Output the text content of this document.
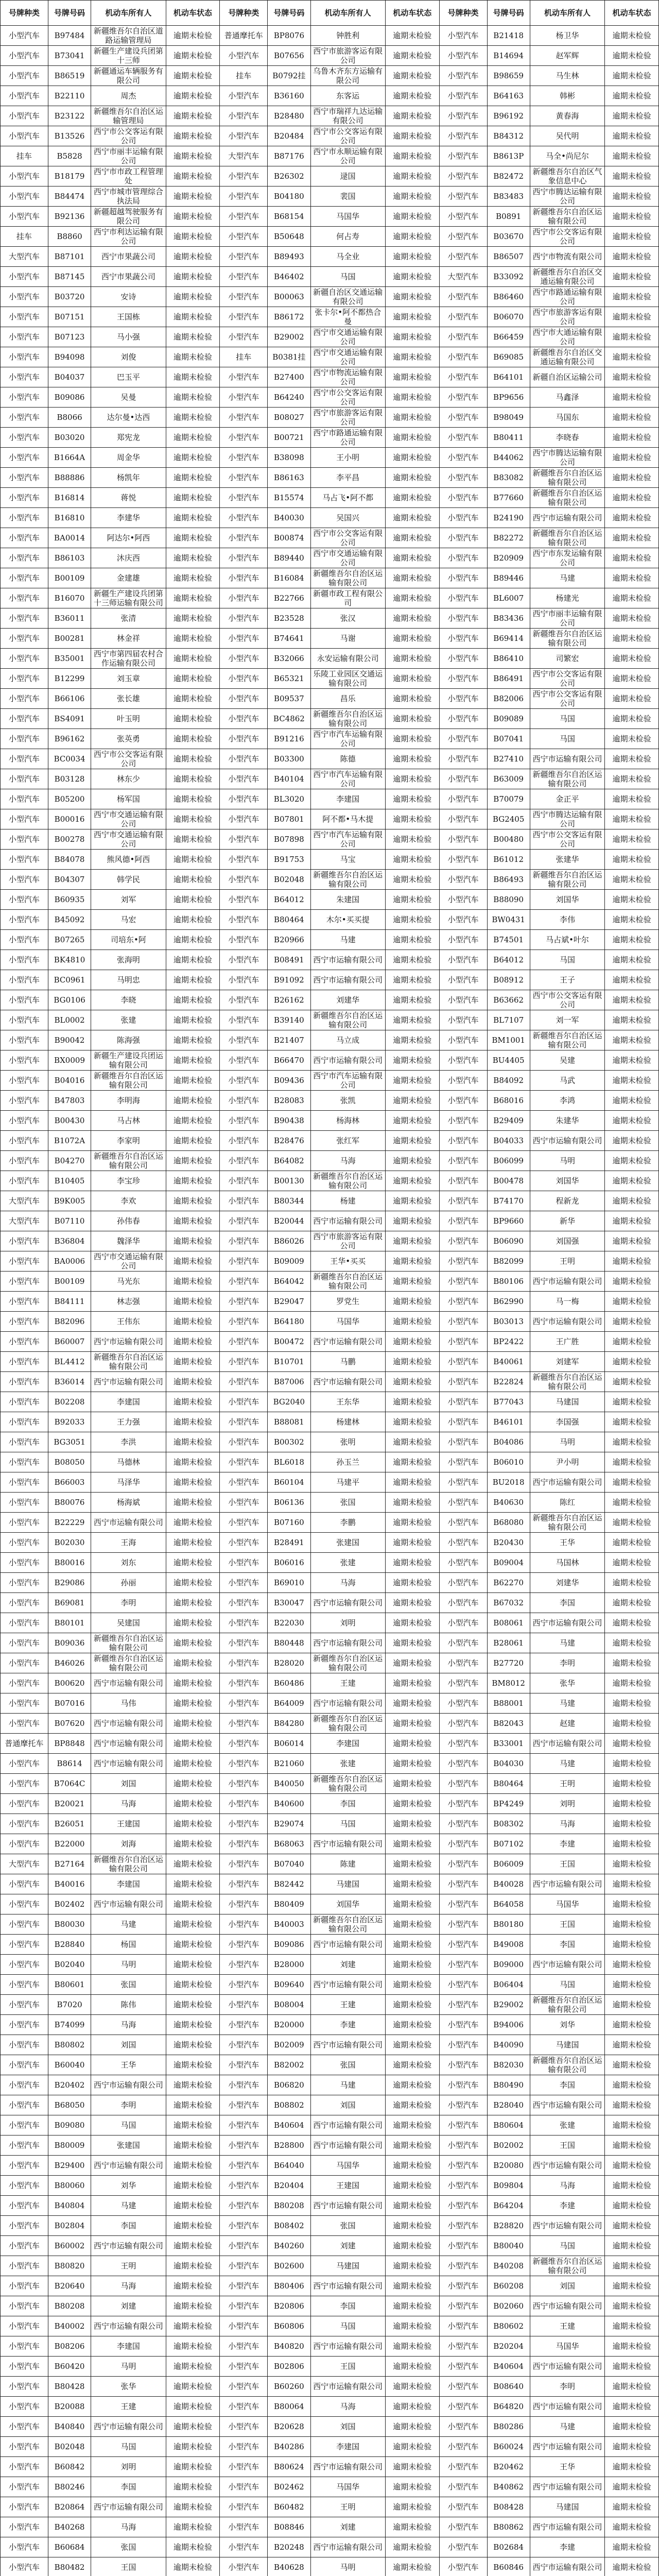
号牌种类	号牌号码	机动车所有人	机动车状态	号牌种类	号牌号码	机动车所有人	机动车状态	号牌种类	号牌号码	机动车所有人	机动车状态
小型汽车	B97484	新疆维吾尔自治区道路运输管理局	逾期未检验	普通摩托车	BP8076	钟胜利	逾期未检验	小型汽车	B21418	杨卫华	逾期未检验
小型汽车	B73041	新疆生产建设兵团第十三师	逾期未检验	小型汽车	B07656	西宁市旅游客运有限公司	逾期未检验	小型汽车	B14694	赵军辉	逾期未检验
小型汽车	B86519	新疆通运车辆服务有限公司	逾期未检验	挂车	B0792挂	乌鲁木齐东方运输有限公司	逾期未检验	小型汽车	B98659	马生林	逾期未检验
小型汽车	B22110	周杰	逾期未检验	小型汽车	B36160	东客运	逾期未检验	小型汽车	B64163	韩彬	逾期未检验
小型汽车	B23122	新疆维吾尔自治区运输管理局	逾期未检验	小型汽车	B28480	西宁市瑞祥九达运输有限公司	逾期未检验	小型汽车	B96192	黄春海	逾期未检验
小型汽车	B13526	西宁市公交客运有限公司	逾期未检验	小型汽车	B20484	西宁市公交客运有限公司	逾期未检验	小型汽车	B84312	吴代明	逾期未检验
挂车	B5828	西宁市丽丰运输有限公司	逾期未检验	大型汽车	B87176	西宁市永顺运输有限公司	逾期未检验	小型汽车	B8613P	马全•尚尼尔	逾期未检验
小型汽车	B18179	西宁市市政工程管理处	逾期未检验	小型汽车	B26302	逯国	逾期未检验	小型汽车	B82472	新疆维吾尔自治区气象信息中心	逾期未检验
小型汽车	B84474	西宁市城市管理综合执法局	逾期未检验	小型汽车	B04180	裴国	逾期未检验	小型汽车	B83483	西宁市腾达运输有限公司	逾期未检验
小型汽车	B92136	新疆超越驾驶服务有限公司	逾期未检验	小型汽车	B68154	马国华	逾期未检验	小型汽车	B0891	新疆维吾尔自治区运输有限公司	逾期未检验
挂车	B8860	西宁市利达运输有限公司	逾期未检验	小型汽车	B50648	何占寿	逾期未检验	小型汽车	B03670	西宁市公交客运有限公司	逾期未检验
大型汽车	B87101	西宁市果蔬公司	逾期未检验	小型汽车	B89493	马全业	逾期未检验	小型汽车	B86507	西宁市物流有限公司	逾期未检验
小型汽车	B87145	西宁市果蔬公司	逾期未检验	小型汽车	B46402	马国	逾期未检验	大型汽车	B33092	新疆维吾尔自治区交通运输有限公司	逾期未检验
小型汽车	B03720	安诗	逾期未检验	小型汽车	B00063	新疆自治区交通运输有限公司	逾期未检验	小型汽车	B86460	西宁市路通运输有限公司	逾期未检验
小型汽车	B07151	王国栋	逾期未检验	小型汽车	B86172	张卡尔•阿不都热合曼	逾期未检验	小型汽车	B06070	西宁市旅游客运有限公司	逾期未检验
小型汽车	B07123	马小强	逾期未检验	小型汽车	B29002	西宁市交通运输有限公司	逾期未检验	小型汽车	B66459	西宁市大通运输有限公司	逾期未检验
小型汽车	B94098	刘俊	逾期未检验	挂车	B0381挂	西宁市交通运输有限公司	逾期未检验	小型汽车	B69085	新疆维吾尔自治区交通运输有限公司	逾期未检验
小型汽车	B04037	巴玉平	逾期未检验	小型汽车	B27400	西宁市物流运输有限公司	逾期未检验	小型汽车	B64101	新疆自治区运输公司	逾期未检验
小型汽车	B09086	吴曼	逾期未检验	小型汽车	B64240	西宁市公交客运有限公司	逾期未检验	小型汽车	BP9656	马鑫泽	逾期未检验
小型汽车	B8066	达尔曼•达西	逾期未检验	小型汽车	B08027	西宁市旅游客运有限公司	逾期未检验	小型汽车	B98049	马国东	逾期未检验
小型汽车	B03020	郑宪龙	逾期未检验	小型汽车	B00721	西宁市路通运输有限公司	逾期未检验	小型汽车	B80411	李晓春	逾期未检验
小型汽车	B1664A	周金华	逾期未检验	小型汽车	B38098	王小明	逾期未检验	小型汽车	B44062	西宁市腾达运输有限公司	逾期未检验
小型汽车	B88886	杨凯年	逾期未检验	小型汽车	B86163	李平昌	逾期未检验	小型汽车	B83082	新疆维吾尔自治区运输有限公司	逾期未检验
小型汽车	B16814	蒋悦	逾期未检验	小型汽车	B15574	马占飞•阿不都	逾期未检验	小型汽车	B77660	新疆维吾尔自治区运输有限公司	逾期未检验
小型汽车	B16810	李建华	逾期未检验	小型汽车	B40030	吴国兴	逾期未检验	小型汽车	B24190	西宁市运输有限公司	逾期未检验
小型汽车	BA0014	阿达尔•阿西	逾期未检验	小型汽车	B00874	西宁市公交客运有限公司	逾期未检验	小型汽车	B82272	新疆维吾尔自治区运输有限公司	逾期未检验
小型汽车	B86103	沐庆西	逾期未检验	小型汽车	B89440	西宁市交通运输有限公司	逾期未检验	小型汽车	B20909	西宁市东发运输有限公司	逾期未检验
小型汽车	B00109	金建雄	逾期未检验	小型汽车	B16084	新疆维吾尔自治区运输有限公司	逾期未检验	小型汽车	B89446	马建	逾期未检验
小型汽车	B16070	新疆生产建设兵团第十三师运输有限公司	逾期未检验	小型汽车	B22766	新疆市政工程有限公司	逾期未检验	小型汽车	BL6007	杨建光	逾期未检验
小型汽车	B36011	张清	逾期未检验	小型汽车	B23528	张汉	逾期未检验	小型汽车	B83436	西宁市丽丰运输有限公司	逾期未检验
小型汽车	B00281	林金祥	逾期未检验	小型汽车	B74641	马谢	逾期未检验	小型汽车	B69414	新疆维吾尔自治区运输有限公司	逾期未检验
小型汽车	B35001	西宁市第四届农村合作运输有限公司	逾期未检验	小型汽车	B32066	永安运输有限公司	逾期未检验	小型汽车	B86410	司繁宏	逾期未检验
小型汽车	B12299	刘玉章	逾期未检验	小型汽车	B65321	乐陵工业园区交通运输有限公司	逾期未检验	小型汽车	B86491	西宁市公交客运有限公司	逾期未检验
小型汽车	B66106	张长雄	逾期未检验	小型汽车	B09537	昌乐	逾期未检验	小型汽车	B82006	西宁市公交客运有限公司	逾期未检验
小型汽车	BS4091	叶玉明	逾期未检验	小型汽车	BC4862	新疆维吾尔自治区运输有限公司	逾期未检验	小型汽车	B09089	马国	逾期未检验
小型汽车	B96162	张英勇	逾期未检验	小型汽车	B91216	西宁市汽车运输有限公司	逾期未检验	小型汽车	B07041	马国	逾期未检验
小型汽车	BC0034	西宁市公交客运有限公司	逾期未检验	小型汽车	B03300	陈德	逾期未检验	小型汽车	B27410	西宁市运输有限公司	逾期未检验
小型汽车	B03128	林东少	逾期未检验	小型汽车	B40104	西宁市汽车运输有限公司	逾期未检验	小型汽车	B63009	新疆维吾尔自治区运输有限公司	逾期未检验
小型汽车	B05200	杨军国	逾期未检验	小型汽车	BL3020	李建国	逾期未检验	小型汽车	B70079	金正平	逾期未检验
小型汽车	B00016	西宁市交通运输有限公司	逾期未检验	小型汽车	B07801	阿不都•马木提	逾期未检验	小型汽车	BG2405	西宁市腾达运输有限公司	逾期未检验
小型汽车	B00278	西宁市交通运输有限公司	逾期未检验	小型汽车	B07898	西宁市汽车运输有限公司	逾期未检验	小型汽车	B00480	西宁市公交客运有限公司	逾期未检验
小型汽车	B84078	熊风德•阿西	逾期未检验	小型汽车	B91753	马宝	逾期未检验	小型汽车	B61012	张建华	逾期未检验
小型汽车	B04307	韩学民	逾期未检验	小型汽车	B02048	新疆维吾尔自治区运输有限公司	逾期未检验	小型汽车	B86493	新疆维吾尔自治区运输有限公司	逾期未检验
小型汽车	B60935	刘军	逾期未检验	小型汽车	B64012	朱建国	逾期未检验	小型汽车	B88090	刘国华	逾期未检验
小型汽车	B45092	马宏	逾期未检验	小型汽车	B80464	木尔•买买提	逾期未检验	小型汽车	BW0431	李伟	逾期未检验
小型汽车	B07265	司培东•阿	逾期未检验	小型汽车	B20966	马建	逾期未检验	小型汽车	B74501	马占斌•叶尔	逾期未检验
小型汽车	BK4810	张海明	逾期未检验	小型汽车	B08491	西宁市运输有限公司	逾期未检验	小型汽车	B64012	马国	逾期未检验
小型汽车	BC0961	马明忠	逾期未检验	小型汽车	B91092	西宁市运输有限公司	逾期未检验	小型汽车	B08912	王子	逾期未检验
小型汽车	BG0106	李晓	逾期未检验	小型汽车	B26162	刘建华	逾期未检验	小型汽车	B63662	西宁市公交客运有限公司	逾期未检验
小型汽车	BL0002	张建	逾期未检验	小型汽车	B39140	新疆维吾尔自治区运输有限公司	逾期未检验	小型汽车	BL7107	刘一军	逾期未检验
小型汽车	B90042	陈海强	逾期未检验	小型汽车	B21407	马立成	逾期未检验	小型汽车	BM1001	新疆维吾尔自治区运输有限公司	逾期未检验
小型汽车	BX0009	新疆生产建设兵团运输有限公司	逾期未检验	小型汽车	B66470	西宁市运输有限公司	逾期未检验	小型汽车	BU4405	吴建	逾期未检验
小型汽车	B04016	新疆维吾尔自治区运输有限公司	逾期未检验	小型汽车	B09436	西宁市汽车运输有限公司	逾期未检验	小型汽车	B84092	马武	逾期未检验
小型汽车	B47803	李明海	逾期未检验	小型汽车	B28083	张凯	逾期未检验	小型汽车	B68016	李鸿	逾期未检验
小型汽车	B00430	马占林	逾期未检验	小型汽车	B90438	杨海林	逾期未检验	小型汽车	B29409	朱建华	逾期未检验
小型汽车	B1072A	李家明	逾期未检验	小型汽车	B28476	张红军	逾期未检验	小型汽车	B04033	西宁市运输有限公司	逾期未检验
小型汽车	B04270	新疆维吾尔自治区运输有限公司	逾期未检验	小型汽车	B64082	马海	逾期未检验	小型汽车	B06099	马明	逾期未检验
小型汽车	B10405	李宝珍	逾期未检验	小型汽车	B00130	新疆维吾尔自治区运输有限公司	逾期未检验	小型汽车	B00478	刘国华	逾期未检验
大型汽车	B9K005	李欢	逾期未检验	小型汽车	B80344	杨建	逾期未检验	小型汽车	B74170	程新龙	逾期未检验
大型汽车	B07110	孙伟春	逾期未检验	小型汽车	B20044	西宁市运输有限公司	逾期未检验	小型汽车	BP9660	新华	逾期未检验
小型汽车	B36804	魏泽华	逾期未检验	小型汽车	B86026	西宁市旅游客运有限公司	逾期未检验	小型汽车	B06090	刘国强	逾期未检验
小型汽车	BA0006	西宁市交通运输有限公司	逾期未检验	小型汽车	B09009	王华•买买	逾期未检验	小型汽车	B82099	王明	逾期未检验
小型汽车	B00109	马光东	逾期未检验	小型汽车	B64042	新疆维吾尔自治区运输有限公司	逾期未检验	小型汽车	B80106	西宁市运输有限公司	逾期未检验
小型汽车	B84111	林志强	逾期未检验	小型汽车	B29047	罗党生	逾期未检验	小型汽车	B62990	马一梅	逾期未检验
小型汽车	B82096	王伟东	逾期未检验	小型汽车	B64180	马国华	逾期未检验	小型汽车	B03013	西宁市运输有限公司	逾期未检验
小型汽车	B60007	西宁市运输有限公司	逾期未检验	小型汽车	B00472	西宁市运输有限公司	逾期未检验	小型汽车	BP2422	王广胜	逾期未检验
小型汽车	BL4412	新疆维吾尔自治区运输有限公司	逾期未检验	小型汽车	B10701	马鹏	逾期未检验	小型汽车	B40061	刘建军	逾期未检验
小型汽车	B36014	西宁市运输有限公司	逾期未检验	小型汽车	B87006	西宁市运输有限公司	逾期未检验	小型汽车	B22824	新疆维吾尔自治区运输有限公司	逾期未检验
小型汽车	B02208	李建国	逾期未检验	小型汽车	BG2040	王东华	逾期未检验	小型汽车	B77043	马建国	逾期未检验
小型汽车	B92033	王力强	逾期未检验	小型汽车	B88081	杨建林	逾期未检验	小型汽车	B46101	李国强	逾期未检验
小型汽车	BG3051	李洪	逾期未检验	小型汽车	B00302	张明	逾期未检验	小型汽车	B04086	马明	逾期未检验
小型汽车	B08050	马德林	逾期未检验	小型汽车	BL6018	孙玉兰	逾期未检验	小型汽车	B06010	尹小明	逾期未检验
小型汽车	B66003	马泽华	逾期未检验	小型汽车	B60104	马建平	逾期未检验	小型汽车	BU2018	西宁市运输有限公司	逾期未检验
小型汽车	B80076	杨海斌	逾期未检验	小型汽车	B06136	张国	逾期未检验	小型汽车	B40630	陈红	逾期未检验
小型汽车	B22229	西宁市运输有限公司	逾期未检验	小型汽车	B07160	李鹏	逾期未检验	小型汽车	B68080	新疆维吾尔自治区运输有限公司	逾期未检验
小型汽车	B02030	王海	逾期未检验	小型汽车	B28491	张建国	逾期未检验	小型汽车	B20430	王华	逾期未检验
小型汽车	B80016	刘东	逾期未检验	小型汽车	B06016	张建	逾期未检验	小型汽车	B09004	马国林	逾期未检验
小型汽车	B29086	孙丽	逾期未检验	小型汽车	B69010	马海	逾期未检验	小型汽车	B62270	刘建华	逾期未检验
小型汽车	B69081	李明	逾期未检验	小型汽车	B30047	西宁市运输有限公司	逾期未检验	小型汽车	B67032	李国	逾期未检验
小型汽车	B80101	吴建国	逾期未检验	小型汽车	B22030	刘明	逾期未检验	小型汽车	B08061	西宁市运输有限公司	逾期未检验
小型汽车	B09036	新疆维吾尔自治区运输有限公司	逾期未检验	小型汽车	B80448	西宁市运输有限公司	逾期未检验	小型汽车	B28061	马建	逾期未检验
小型汽车	B46026	新疆维吾尔自治区运输有限公司	逾期未检验	小型汽车	B28020	新疆维吾尔自治区运输有限公司	逾期未检验	小型汽车	B27720	李明	逾期未检验
小型汽车	B00620	西宁市运输有限公司	逾期未检验	小型汽车	B60486	王建	逾期未检验	小型汽车	BM8012	张华	逾期未检验
小型汽车	B07016	马伟	逾期未检验	小型汽车	B64009	西宁市运输有限公司	逾期未检验	小型汽车	B88001	马建	逾期未检验
小型汽车	B07620	西宁市运输有限公司	逾期未检验	小型汽车	B84280	新疆维吾尔自治区运输有限公司	逾期未检验	小型汽车	B82043	赵建	逾期未检验
普通摩托车	BP8848	西宁市运输有限公司	逾期未检验	小型汽车	B06014	李建国	逾期未检验	小型汽车	B33001	西宁市运输有限公司	逾期未检验
小型汽车	B8614	西宁市运输有限公司	逾期未检验	小型汽车	B21060	张建	逾期未检验	小型汽车	B04030	马建	逾期未检验
小型汽车	B7064C	刘国	逾期未检验	小型汽车	B40050	新疆维吾尔自治区运输有限公司	逾期未检验	小型汽车	B80464	王明	逾期未检验
小型汽车	B20021	马海	逾期未检验	小型汽车	B40600	李国	逾期未检验	小型汽车	BP4249	刘明	逾期未检验
小型汽车	B26051	王建国	逾期未检验	小型汽车	B29074	马国	逾期未检验	小型汽车	B08302	马海	逾期未检验
小型汽车	B22000	刘海	逾期未检验	小型汽车	B68063	西宁市运输有限公司	逾期未检验	小型汽车	B07102	李建	逾期未检验
大型汽车	B27164	新疆维吾尔自治区运输有限公司	逾期未检验	小型汽车	B07040	陈建	逾期未检验	小型汽车	B06009	王国	逾期未检验
小型汽车	B40016	李建国	逾期未检验	小型汽车	B82442	马建国	逾期未检验	小型汽车	B40028	西宁市运输有限公司	逾期未检验
小型汽车	B02402	西宁市运输有限公司	逾期未检验	小型汽车	B80409	刘国华	逾期未检验	小型汽车	B64058	马国华	逾期未检验
小型汽车	B80030	马建	逾期未检验	小型汽车	B40003	新疆维吾尔自治区运输有限公司	逾期未检验	小型汽车	B80180	王国	逾期未检验
小型汽车	B28840	杨国	逾期未检验	小型汽车	B09086	西宁市运输有限公司	逾期未检验	小型汽车	B49008	李国	逾期未检验
小型汽车	B02040	马明	逾期未检验	小型汽车	B28000	刘建	逾期未检验	小型汽车	B09000	西宁市运输有限公司	逾期未检验
小型汽车	B80601	张国	逾期未检验	小型汽车	B09640	西宁市运输有限公司	逾期未检验	小型汽车	B06404	马国	逾期未检验
小型汽车	B7020	陈伟	逾期未检验	小型汽车	B08004	王建	逾期未检验	小型汽车	B29002	新疆维吾尔自治区运输有限公司	逾期未检验
小型汽车	B74099	马海	逾期未检验	小型汽车	B20000	李建	逾期未检验	小型汽车	B94006	刘华	逾期未检验
小型汽车	B80802	刘国	逾期未检验	小型汽车	B02009	西宁市运输有限公司	逾期未检验	小型汽车	B40090	马建国	逾期未检验
小型汽车	B60040	王华	逾期未检验	小型汽车	B82002	张国	逾期未检验	小型汽车	B82030	新疆维吾尔自治区运输有限公司	逾期未检验
小型汽车	B20402	西宁市运输有限公司	逾期未检验	小型汽车	B06820	马建	逾期未检验	小型汽车	B80490	李国	逾期未检验
小型汽车	B68050	李明	逾期未检验	小型汽车	B08802	刘国	逾期未检验	小型汽车	B28040	西宁市运输有限公司	逾期未检验
小型汽车	B09080	马国	逾期未检验	小型汽车	B40604	西宁市运输有限公司	逾期未检验	小型汽车	B80604	张建	逾期未检验
小型汽车	B80009	张建国	逾期未检验	小型汽车	B28800	西宁市运输有限公司	逾期未检验	小型汽车	B02002	王国	逾期未检验
小型汽车	B29400	西宁市运输有限公司	逾期未检验	小型汽车	B64040	马国华	逾期未检验	小型汽车	B20080	西宁市运输有限公司	逾期未检验
小型汽车	B80060	刘华	逾期未检验	小型汽车	B20404	王建国	逾期未检验	小型汽车	B09804	马海	逾期未检验
小型汽车	B40804	马建	逾期未检验	小型汽车	B80208	西宁市运输有限公司	逾期未检验	小型汽车	B64204	李建	逾期未检验
小型汽车	B02804	李国	逾期未检验	小型汽车	B08402	张国	逾期未检验	小型汽车	B28820	西宁市运输有限公司	逾期未检验
小型汽车	B60002	西宁市运输有限公司	逾期未检验	小型汽车	B40260	刘建	逾期未检验	小型汽车	B80040	马国	逾期未检验
小型汽车	B80820	王明	逾期未检验	小型汽车	B02600	马建国	逾期未检验	小型汽车	B40208	新疆维吾尔自治区运输有限公司	逾期未检验
小型汽车	B20640	马海	逾期未检验	小型汽车	B80406	西宁市运输有限公司	逾期未检验	小型汽车	B60208	刘国	逾期未检验
小型汽车	B80208	刘建	逾期未检验	小型汽车	B20806	李国	逾期未检验	小型汽车	B02060	西宁市运输有限公司	逾期未检验
小型汽车	B40002	西宁市运输有限公司	逾期未检验	小型汽车	B60806	马国	逾期未检验	小型汽车	B80602	王建	逾期未检验
小型汽车	B08206	李建国	逾期未检验	小型汽车	B40820	西宁市运输有限公司	逾期未检验	小型汽车	B20204	马国华	逾期未检验
小型汽车	B60420	马明	逾期未检验	小型汽车	B02806	王国	逾期未检验	小型汽车	B40604	西宁市运输有限公司	逾期未检验
小型汽车	B80428	张华	逾期未检验	小型汽车	B60260	西宁市运输有限公司	逾期未检验	小型汽车	B08640	李明	逾期未检验
小型汽车	B20088	王建	逾期未检验	小型汽车	B80064	马海	逾期未检验	小型汽车	B64820	西宁市运输有限公司	逾期未检验
小型汽车	B40840	西宁市运输有限公司	逾期未检验	小型汽车	B20628	刘国	逾期未检验	小型汽车	B80286	马建	逾期未检验
小型汽车	B02048	马国	逾期未检验	小型汽车	B40286	李建国	逾期未检验	小型汽车	B60024	西宁市运输有限公司	逾期未检验
小型汽车	B60842	刘明	逾期未检验	小型汽车	B80624	西宁市运输有限公司	逾期未检验	小型汽车	B20462	王华	逾期未检验
小型汽车	B80246	李国	逾期未检验	小型汽车	B02462	马国华	逾期未检验	小型汽车	B40862	西宁市运输有限公司	逾期未检验
小型汽车	B20864	西宁市运输有限公司	逾期未检验	小型汽车	B60482	王明	逾期未检验	小型汽车	B08428	马建国	逾期未检验
小型汽车	B40268	马海	逾期未检验	小型汽车	B08846	刘建	逾期未检验	小型汽车	B80862	西宁市运输有限公司	逾期未检验
小型汽车	B60684	张国	逾期未检验	小型汽车	B20248	西宁市运输有限公司	逾期未检验	小型汽车	B02684	李建	逾期未检验
小型汽车	B80482	王国	逾期未检验	小型汽车	B40628	马明	逾期未检验	小型汽车	B60846	西宁市运输有限公司	逾期未检验
